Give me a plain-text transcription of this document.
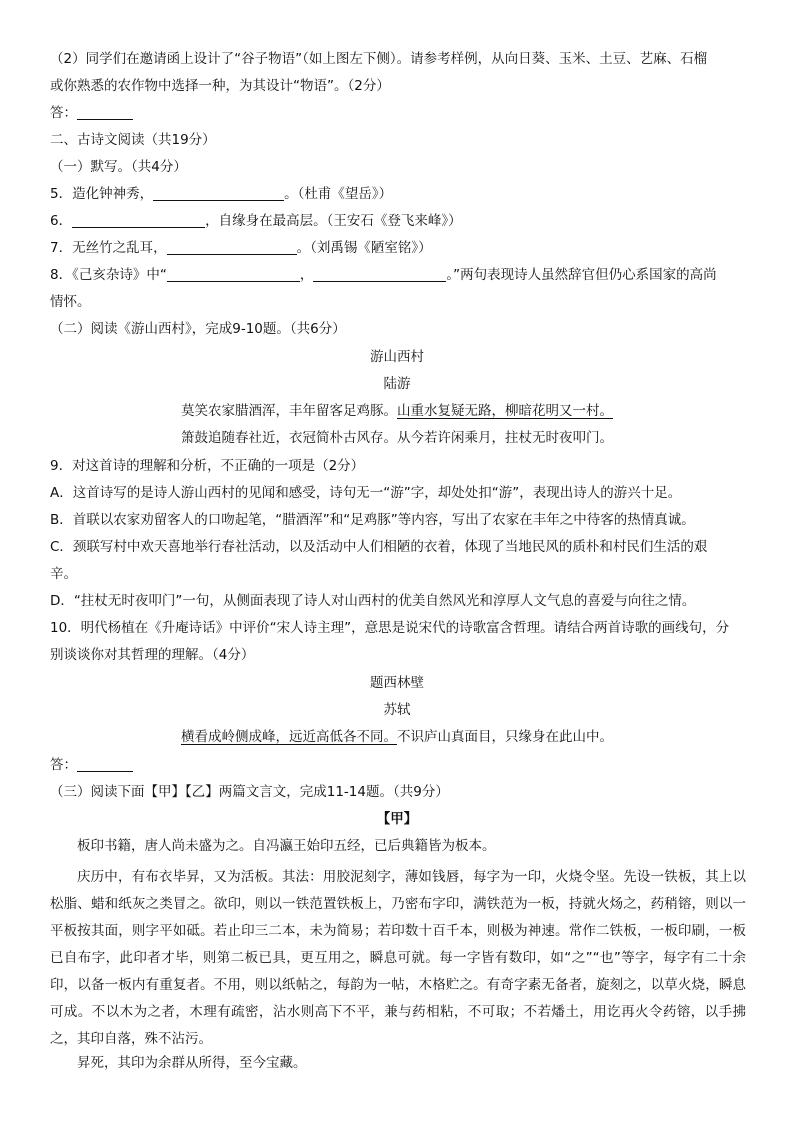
（2）同学们在邀请函上设计了“谷子物语”（如上图左下侧）。请参考样例，从向日葵、玉米、土豆、艺麻、石榴
或你熟悉的农作物中选择一种，为其设计“物语”。（2分）
答：
二、古诗文阅读（共19分）
（一）默写。（共4分）
5．造化钟神秀，	。（杜甫《望岳》）
6．	，自缘身在最高层。（王安石《登飞来峰》）
7．无丝竹之乱耳，	。（刘禹锡《陋室铭》）
8．《己亥杂诗》中“	，	。”两句表现诗人虽然辞官但仍心系国家的高尚
情怀。
（二）阅读《游山西村》，完成9-10题。（共6分）
游山西村
陆游
莫笑农家腊酒浑，丰年留客足鸡豚。山重水复疑无路，柳暗花明又一村。
箫鼓追随春社近，衣冠简朴古风存。从今若许闲乘月，拄杖无时夜叩门。
9．对这首诗的理解和分析，不正确的一项是（2分）
A．这首诗写的是诗人游山西村的见闻和感受，诗句无一“游”字，却处处扣“游”，表现出诗人的游兴十足。
B．首联以农家劝留客人的口吻起笔，“腊酒浑”和“足鸡豚”等内容，写出了农家在丰年之中待客的热情真诚。
C．颈联写村中欢天喜地举行春社活动，以及活动中人们相陋的衣着，体现了当地民风的质朴和村民们生活的艰
辛。
D．“拄杖无时夜叩门”一句，从侧面表现了诗人对山西村的优美自然风光和淳厚人文气息的喜爱与向往之情。
10．明代杨植在《升庵诗话》中评价“宋人诗主理”，意思是说宋代的诗歌富含哲理。请结合两首诗歌的画线句，分
别谈谈你对其哲理的理解。（4分）
题西林壁
苏轼
横看成岭侧成峰，远近高低各不同。不识庐山真面目，只缘身在此山中。
答：
（三）阅读下面【甲】【乙】两篇文言文，完成11-14题。（共9分）
【甲】
板印书籍，唐人尚未盛为之。自冯瀛王始印五经，已后典籍皆为板本。
庆历中，有布衣毕昇，又为活板。其法：用胶泥刻字，薄如钱唇，每字为一印，火烧令坚。先设一铁板，其上以松脂、蜡和纸灰之类冒之。欲印，则以一铁范置铁板上，乃密布字印，满铁范为一板，持就火炀之，药稍镕，则以一平板按其面，则字平如砥。若止印三二本，未为简易；若印数十百千本，则极为神速。常作二铁板，一板印刷，一板已自布字，此印者才毕，则第二板已具，更互用之，瞬息可就。每一字皆有数印，如“之”“也”等字，每字有二十余印，以备一板内有重复者。不用，则以纸帖之，每韵为一帖，木格贮之。有奇字素无备者，旋刻之，以草火烧，瞬息可成。不以木为之者，木理有疏密，沾水则高下不平，兼与药相粘，不可取；不若燔土，用讫再火令药镕，以手拂之，其印自落，殊不沾污。
昇死，其印为余群从所得，至今宝藏。
